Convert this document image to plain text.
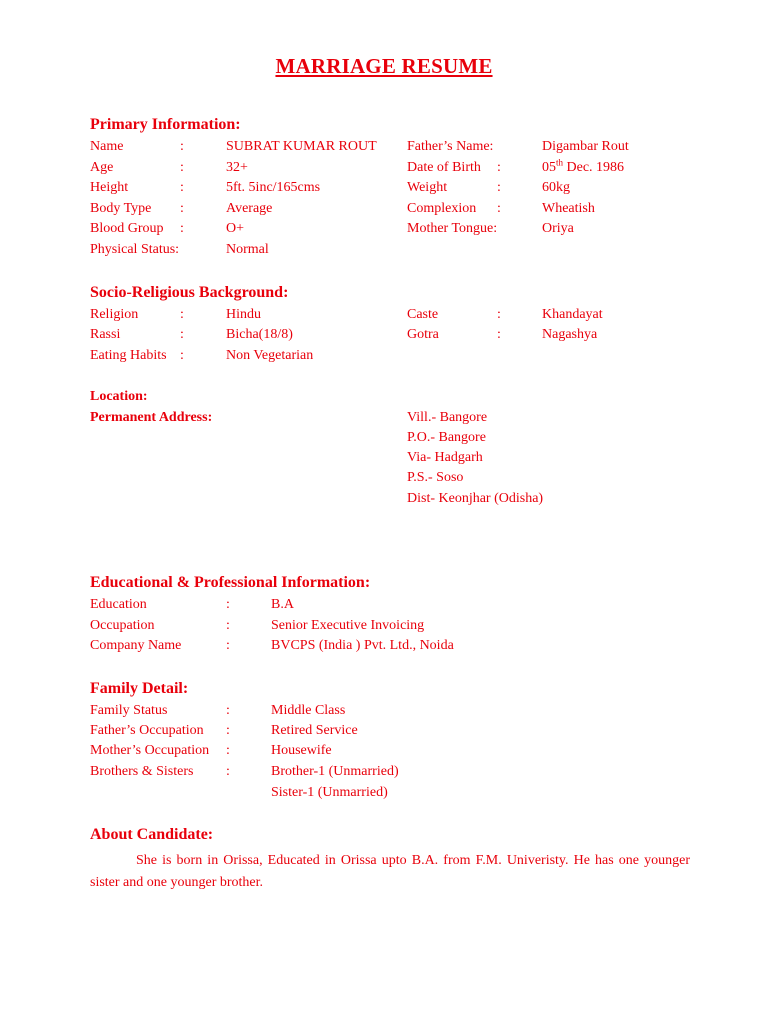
MARRIAGE RESUME
Primary Information:
Name	:	SUBRAT KUMAR ROUT Father’s Name:	Digambar Rout
Age	:	32+	Date of Birth :	05th Dec. 1986
Height	:	5ft. 5inc/165cms	Weight	:	60kg
Body Type :	Average	Complexion :	Wheatish
Blood Group :	O+	Mother Tongue:	Oriya
Physical Status:	Normal
Socio-Religious Background:
Religion	:	Hindu	Caste	:	Khandayat
Rassi	:	Bicha(18/8)	Gotra	:	Nagashya
Eating Habits :	Non Vegetarian
Location:
Permanent Address:	Vill.- Bangore
P.O.- Bangore
Via- Hadgarh
P.S.- Soso
Dist- Keonjhar (Odisha)
Educational & Professional Information:
Education	:	B.A
Occupation	:	Senior Executive Invoicing
Company Name	:	BVCPS (India ) Pvt. Ltd., Noida
Family Detail:
Family Status	:	Middle Class
Father’s Occupation :	Retired Service
Mother’s Occupation :	Housewife
Brothers & Sisters :	Brother-1 (Unmarried)
Sister-1 (Unmarried)
About Candidate:
She is born in Orissa, Educated in Orissa upto B.A. from F.M. Univeristy. He has one younger sister and one younger brother.
